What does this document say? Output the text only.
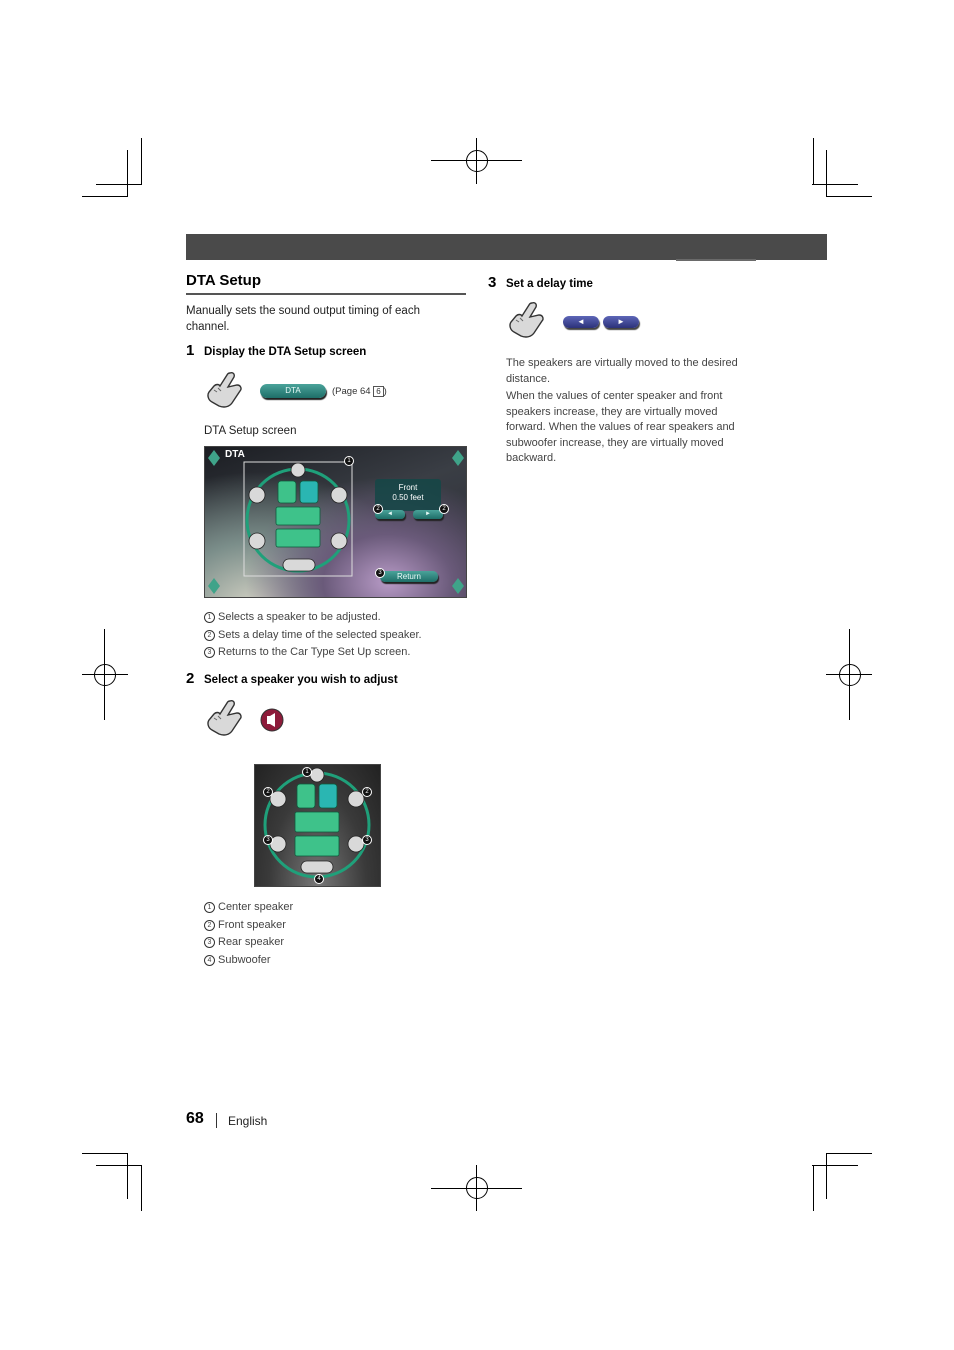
DTA Setup
Manually sets the sound output timing of each channel.
1 Display the DTA Setup screen
DTA	(Page 64 6 )
DTA Setup screen
DTA
Front
0.50 feet
◄	►
Return
1
2	2
3
1 Selects a speaker to be adjusted.
2 Sets a delay time of the selected speaker.
3 Returns to the Car Type Set Up screen.
2 Select a speaker you wish to adjust
1
2	2
3	3
4
1 Center speaker
2 Front speaker
3 Rear speaker
4 Subwoofer
3 Set a delay time
◄	►
The speakers are virtually moved to the desired distance.
When the values of center speaker and front speakers increase, they are virtually moved forward. When the values of rear speakers and subwoofer increase, they are virtually moved backward.
68 English
